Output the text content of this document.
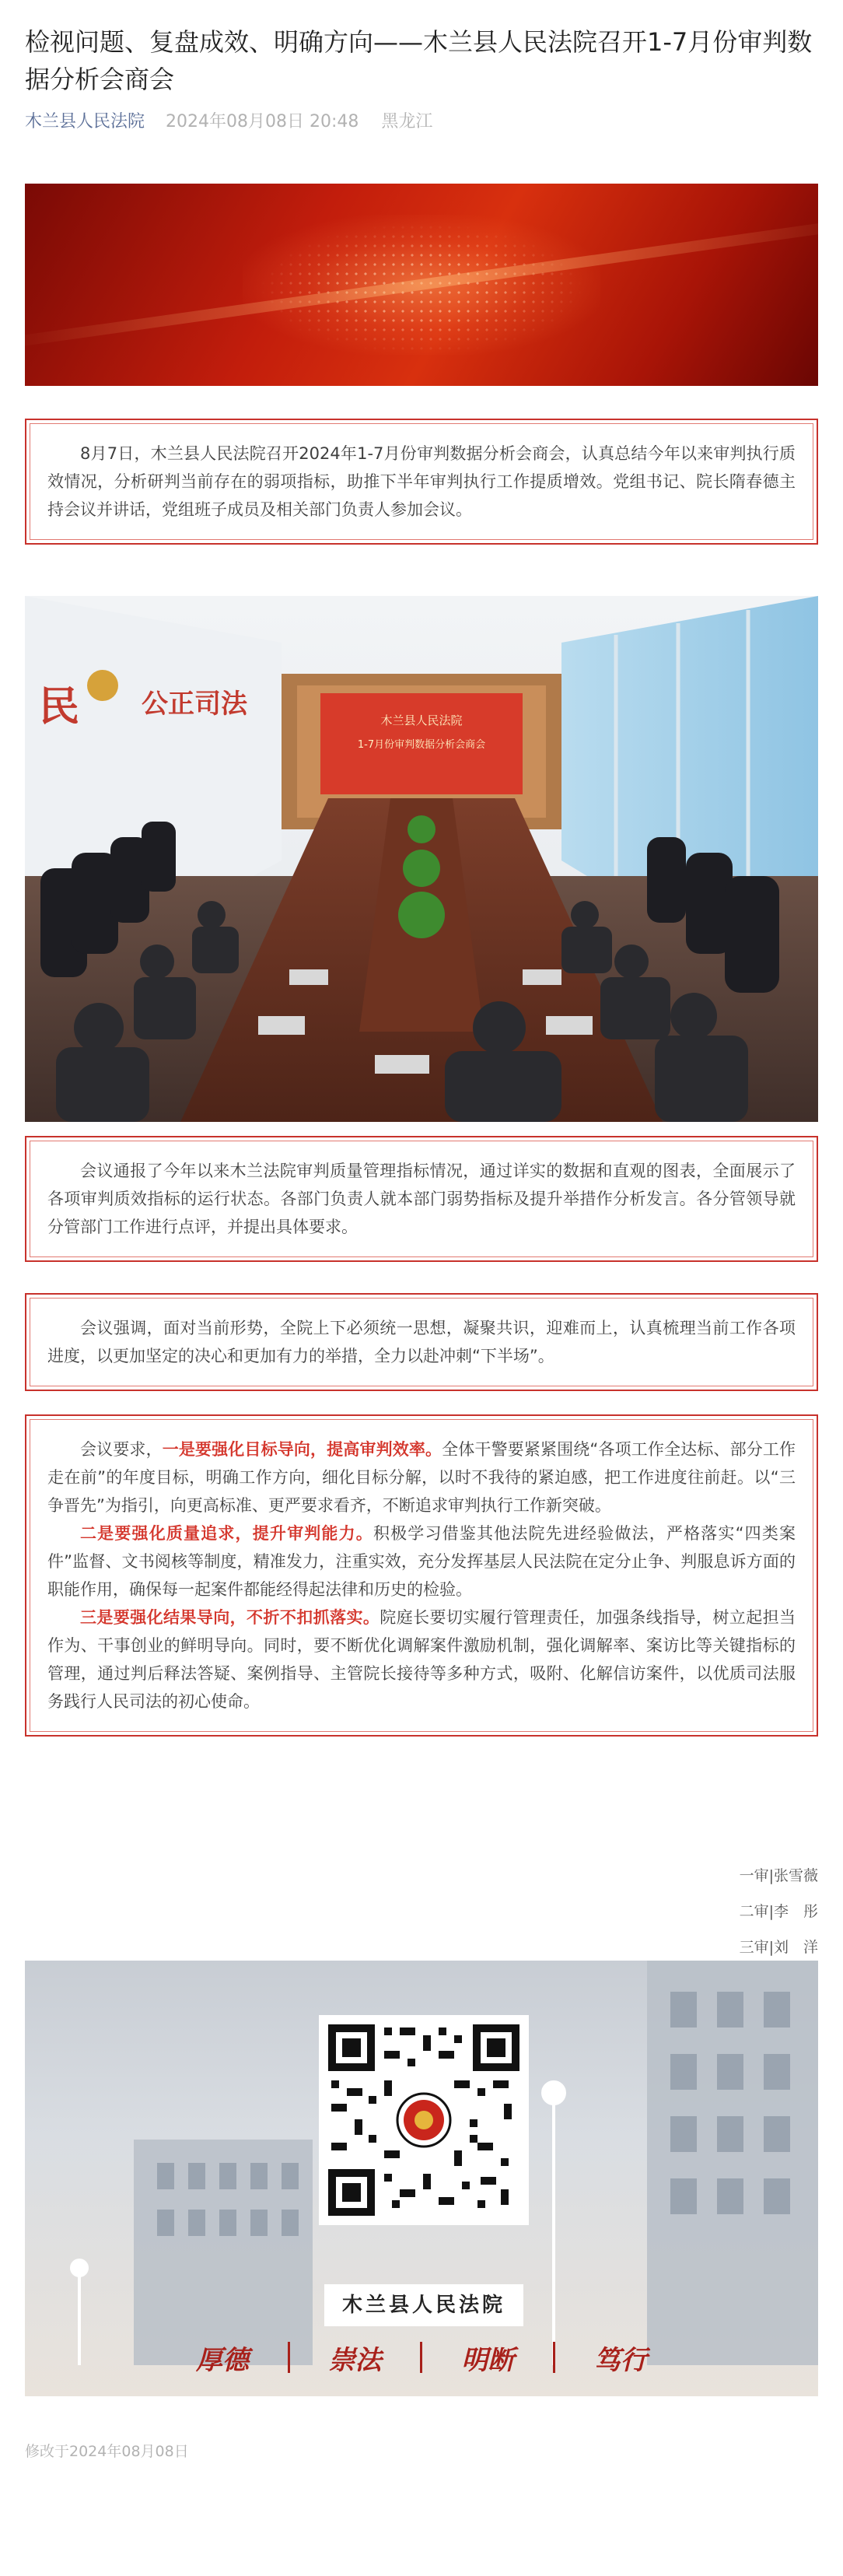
检视问题、复盘成效、明确方向——木兰县人民法院召开1-7月份审判数据分析会商会
木兰县人民法院 2024年08月08日 20:48 黑龙江

8月7日，木兰县人民法院召开2024年1-7月份审判数据分析会商会，认真总结今年以来审判执行质效情况，分析研判当前存在的弱项指标，助推下半年审判执行工作提质增效。党组书记、院长隋春德主持会议并讲话，党组班子成员及相关部门负责人参加会议。

木兰县人民法院
1-7月份审判数据分析会商会
民 公正司法

会议通报了今年以来木兰法院审判质量管理指标情况，通过详实的数据和直观的图表，全面展示了各项审判质效指标的运行状态。各部门负责人就本部门弱势指标及提升举措作分析发言。各分管领导就分管部门工作进行点评，并提出具体要求。

会议强调，面对当前形势，全院上下必须统一思想，凝聚共识，迎难而上，认真梳理当前工作各项进度，以更加坚定的决心和更加有力的举措，全力以赴冲刺“下半场”。

会议要求，一是要强化目标导向，提高审判效率。全体干警要紧紧围绕“各项工作全达标、部分工作走在前”的年度目标，明确工作方向，细化目标分解，以时不我待的紧迫感，把工作进度往前赶。以“三争晋先”为指引，向更高标准、更严要求看齐，不断追求审判执行工作新突破。

二是要强化质量追求，提升审判能力。积极学习借鉴其他法院先进经验做法，严格落实“四类案件”监督、文书阅核等制度，精准发力，注重实效，充分发挥基层人民法院在定分止争、判服息诉方面的职能作用，确保每一起案件都能经得起法律和历史的检验。

三是要强化结果导向，不折不扣抓落实。院庭长要切实履行管理责任，加强条线指导，树立起担当作为、干事创业的鲜明导向。同时，要不断优化调解案件激励机制，强化调解率、案访比等关键指标的管理，通过判后释法答疑、案例指导、主管院长接待等多种方式，吸附、化解信访案件，以优质司法服务践行人民司法的初心使命。

一审|张雪薇
二审|李　彤
三审|刘　洋
木兰县人民法院
厚德	崇法	明断	笃行
修改于2024年08月08日
